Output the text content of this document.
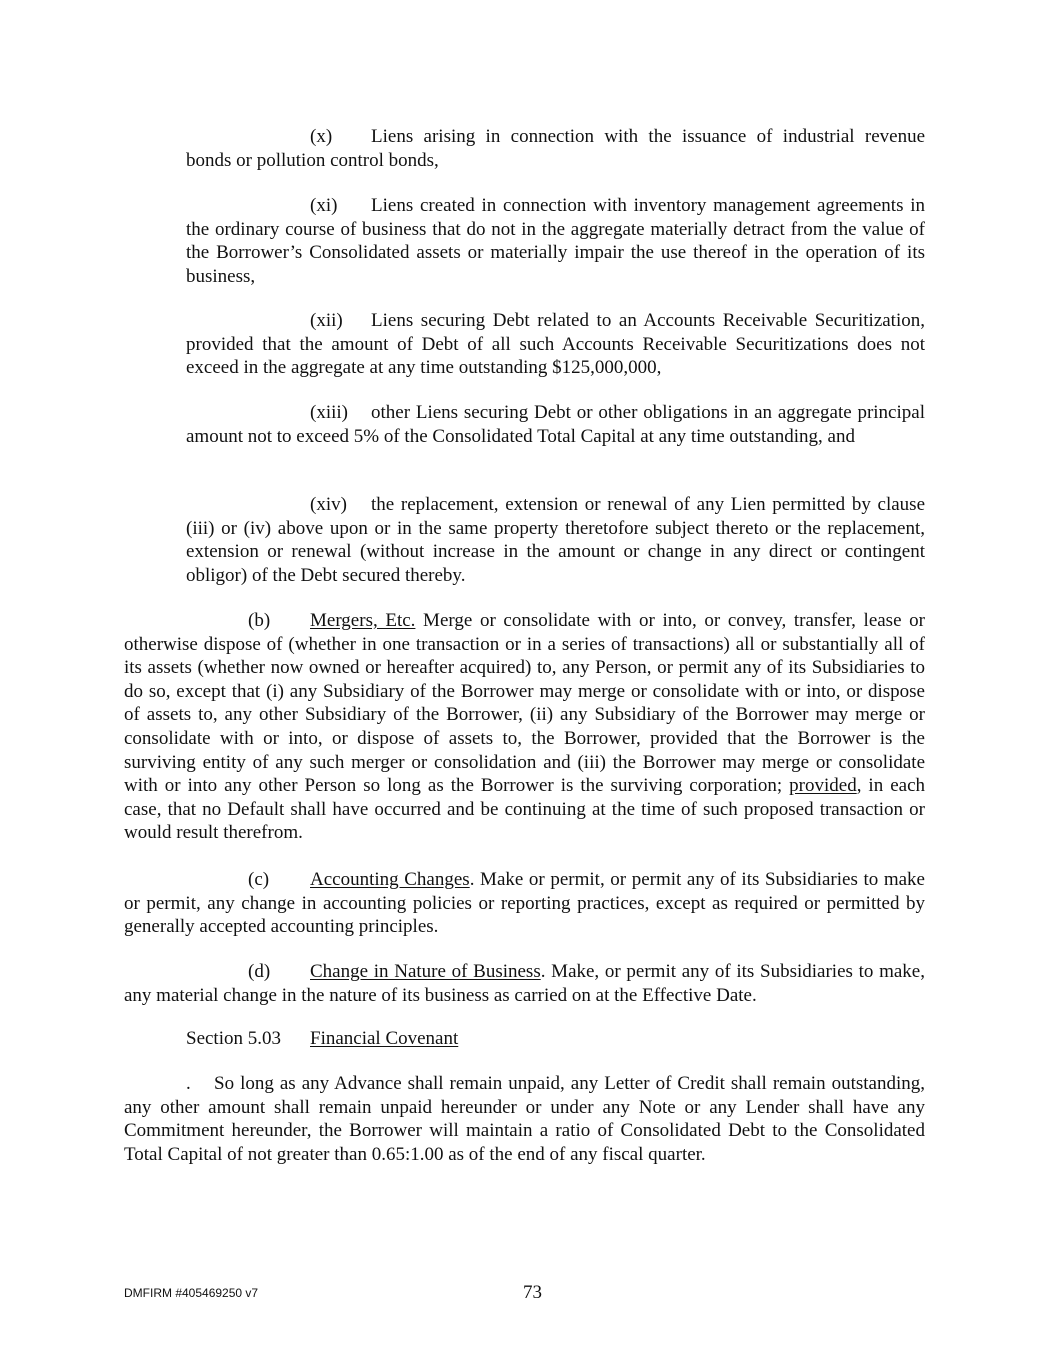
(x) Liens arising in connection with the issuance of industrial revenue bonds or pollution control bonds,

(xi) Liens created in connection with inventory management agreements in the ordinary course of business that do not in the aggregate materially detract from the value of the Borrower’s Consolidated assets or materially impair the use thereof in the operation of its business,

(xii) Liens securing Debt related to an Accounts Receivable Securitization, provided that the amount of Debt of all such Accounts Receivable Securitizations does not exceed in the aggregate at any time outstanding $125,000,000,

(xiii) other Liens securing Debt or other obligations in an aggregate principal amount not to exceed 5% of the Consolidated Total Capital at any time outstanding, and

(xiv) the replacement, extension or renewal of any Lien permitted by clause (iii) or (iv) above upon or in the same property theretofore subject thereto or the replacement, extension or renewal (without increase in the amount or change in any direct or contingent obligor) of the Debt secured thereby.

(b) Mergers, Etc. Merge or consolidate with or into, or convey, transfer, lease or otherwise dispose of (whether in one transaction or in a series of transactions) all or substantially all of its assets (whether now owned or hereafter acquired) to, any Person, or permit any of its Subsidiaries to do so, except that (i) any Subsidiary of the Borrower may merge or consolidate with or into, or dispose of assets to, any other Subsidiary of the Borrower, (ii) any Subsidiary of the Borrower may merge or consolidate with or into, or dispose of assets to, the Borrower, provided that the Borrower is the surviving entity of any such merger or consolidation and (iii) the Borrower may merge or consolidate with or into any other Person so long as the Borrower is the surviving corporation; provided, in each case, that no Default shall have occurred and be continuing at the time of such proposed transaction or would result therefrom.

(c) Accounting Changes. Make or permit, or permit any of its Subsidiaries to make or permit, any change in accounting policies or reporting practices, except as required or permitted by generally accepted accounting principles.

(d) Change in Nature of Business. Make, or permit any of its Subsidiaries to make, any material change in the nature of its business as carried on at the Effective Date.

Section 5.03 Financial Covenant

. So long as any Advance shall remain unpaid, any Letter of Credit shall remain outstanding, any other amount shall remain unpaid hereunder or under any Note or any Lender shall have any Commitment hereunder, the Borrower will maintain a ratio of Consolidated Debt to the Consolidated Total Capital of not greater than 0.65:1.00 as of the end of any fiscal quarter.

DMFIRM #405469250 v7	73
